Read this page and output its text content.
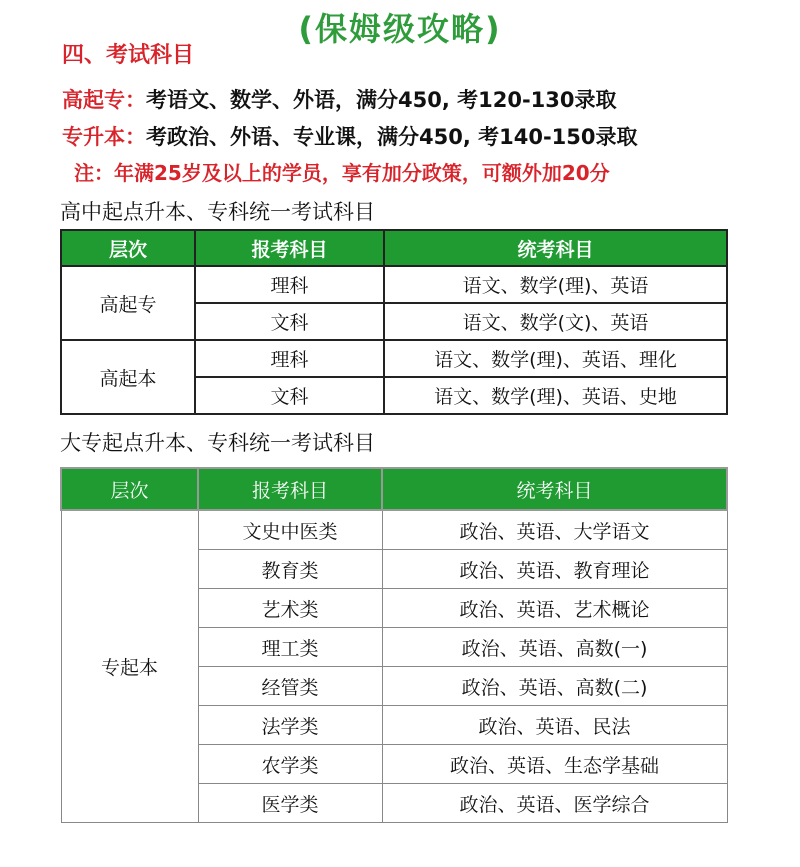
(保姆级攻略)
四、考试科目
高起专：考语文、数学、外语，满分450, 考120-130录取
专升本：考政治、外语、专业课，满分450, 考140-150录取
注：年满25岁及以上的学员，享有加分政策，可额外加20分
高中起点升本、专科统一考试科目
层次	报考科目	统考科目
高起专	理科	语文、数学(理)、英语
	文科	语文、数学(文)、英语
高起本	理科	语文、数学(理)、英语、理化
	文科	语文、数学(理)、英语、史地
大专起点升本、专科统一考试科目
层次	报考科目	统考科目
专起本	文史中医类	政治、英语、大学语文
	教育类	政治、英语、教育理论
	艺术类	政治、英语、艺术概论
	理工类	政治、英语、高数(一)
	经管类	政治、英语、高数(二)
	法学类	政治、英语、民法
	农学类	政治、英语、生态学基础
	医学类	政治、英语、医学综合
